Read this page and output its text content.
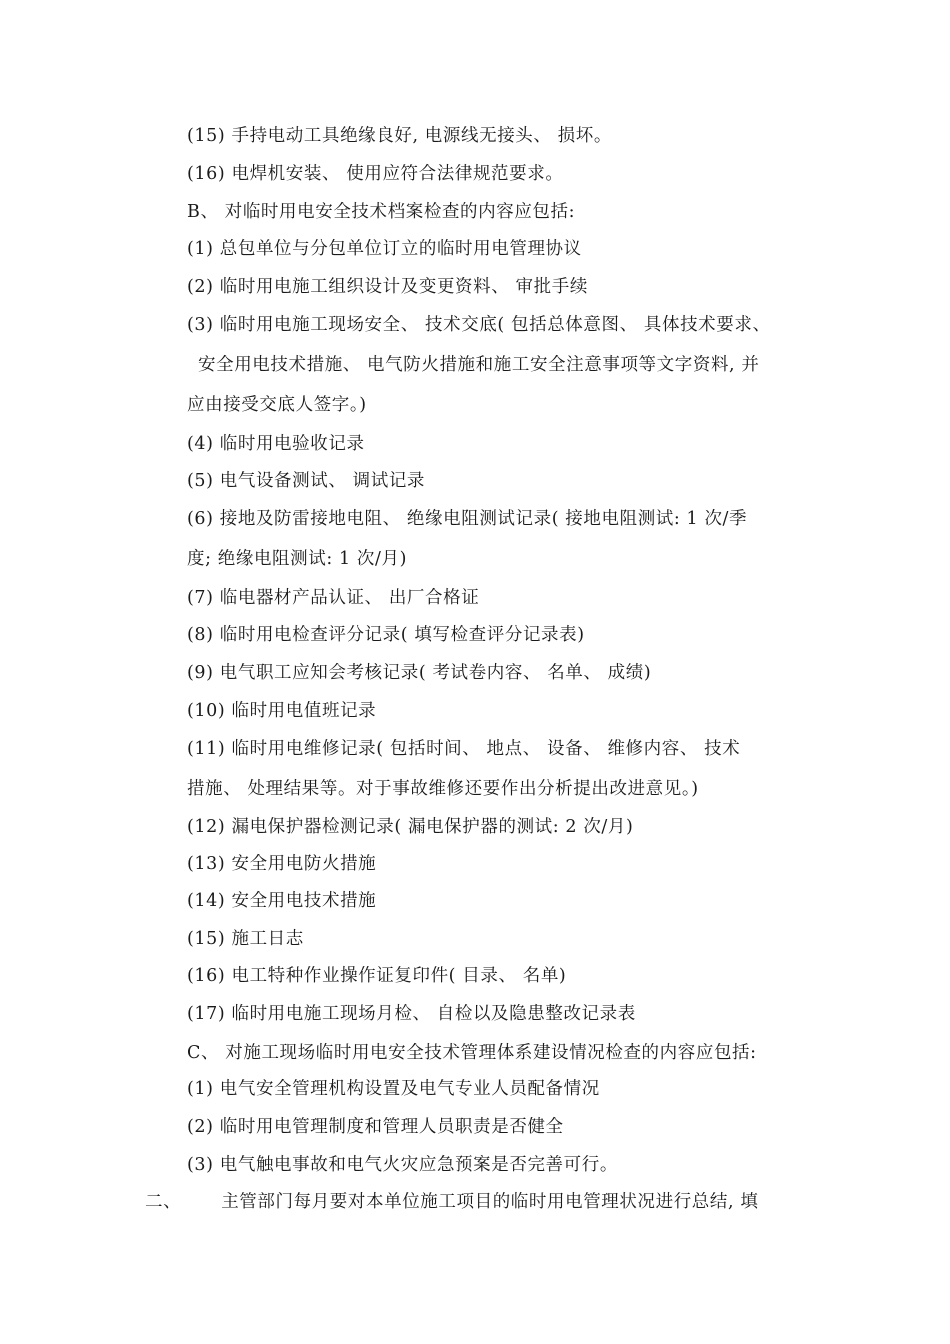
(15) 手持电动工具绝缘良好, 电源线无接头、 损坏。
(16) 电焊机安装、 使用应符合法律规范要求。
B、 对临时用电安全技术档案检查的内容应包括:
(1) 总包单位与分包单位订立的临时用电管理协议
(2) 临时用电施工组织设计及变更资料、 审批手续
(3) 临时用电施工现场安全、 技术交底( 包括总体意图、 具体技术要求、
安全用电技术措施、 电气防火措施和施工安全注意事项等文字资料, 并
应由接受交底人签字。)
(4) 临时用电验收记录
(5) 电气设备测试、 调试记录
(6) 接地及防雷接地电阻、 绝缘电阻测试记录( 接地电阻测试: 1 次/季
度; 绝缘电阻测试: 1 次/月)
(7) 临电器材产品认证、 出厂合格证
(8) 临时用电检查评分记录( 填写检查评分记录表)
(9) 电气职工应知会考核记录( 考试卷内容、 名单、 成绩)
(10) 临时用电值班记录
(11) 临时用电维修记录( 包括时间、 地点、 设备、 维修内容、 技术
措施、 处理结果等。对于事故维修还要作出分析提出改进意见。)
(12) 漏电保护器检测记录( 漏电保护器的测试: 2 次/月)
(13) 安全用电防火措施
(14) 安全用电技术措施
(15) 施工日志
(16) 电工特种作业操作证复印件( 目录、 名单)
(17) 临时用电施工现场月检、 自检以及隐患整改记录表
C、 对施工现场临时用电安全技术管理体系建设情况检查的内容应包括:
(1) 电气安全管理机构设置及电气专业人员配备情况
(2) 临时用电管理制度和管理人员职责是否健全
(3) 电气触电事故和电气火灾应急预案是否完善可行。
二、 主管部门每月要对本单位施工项目的临时用电管理状况进行总结, 填
